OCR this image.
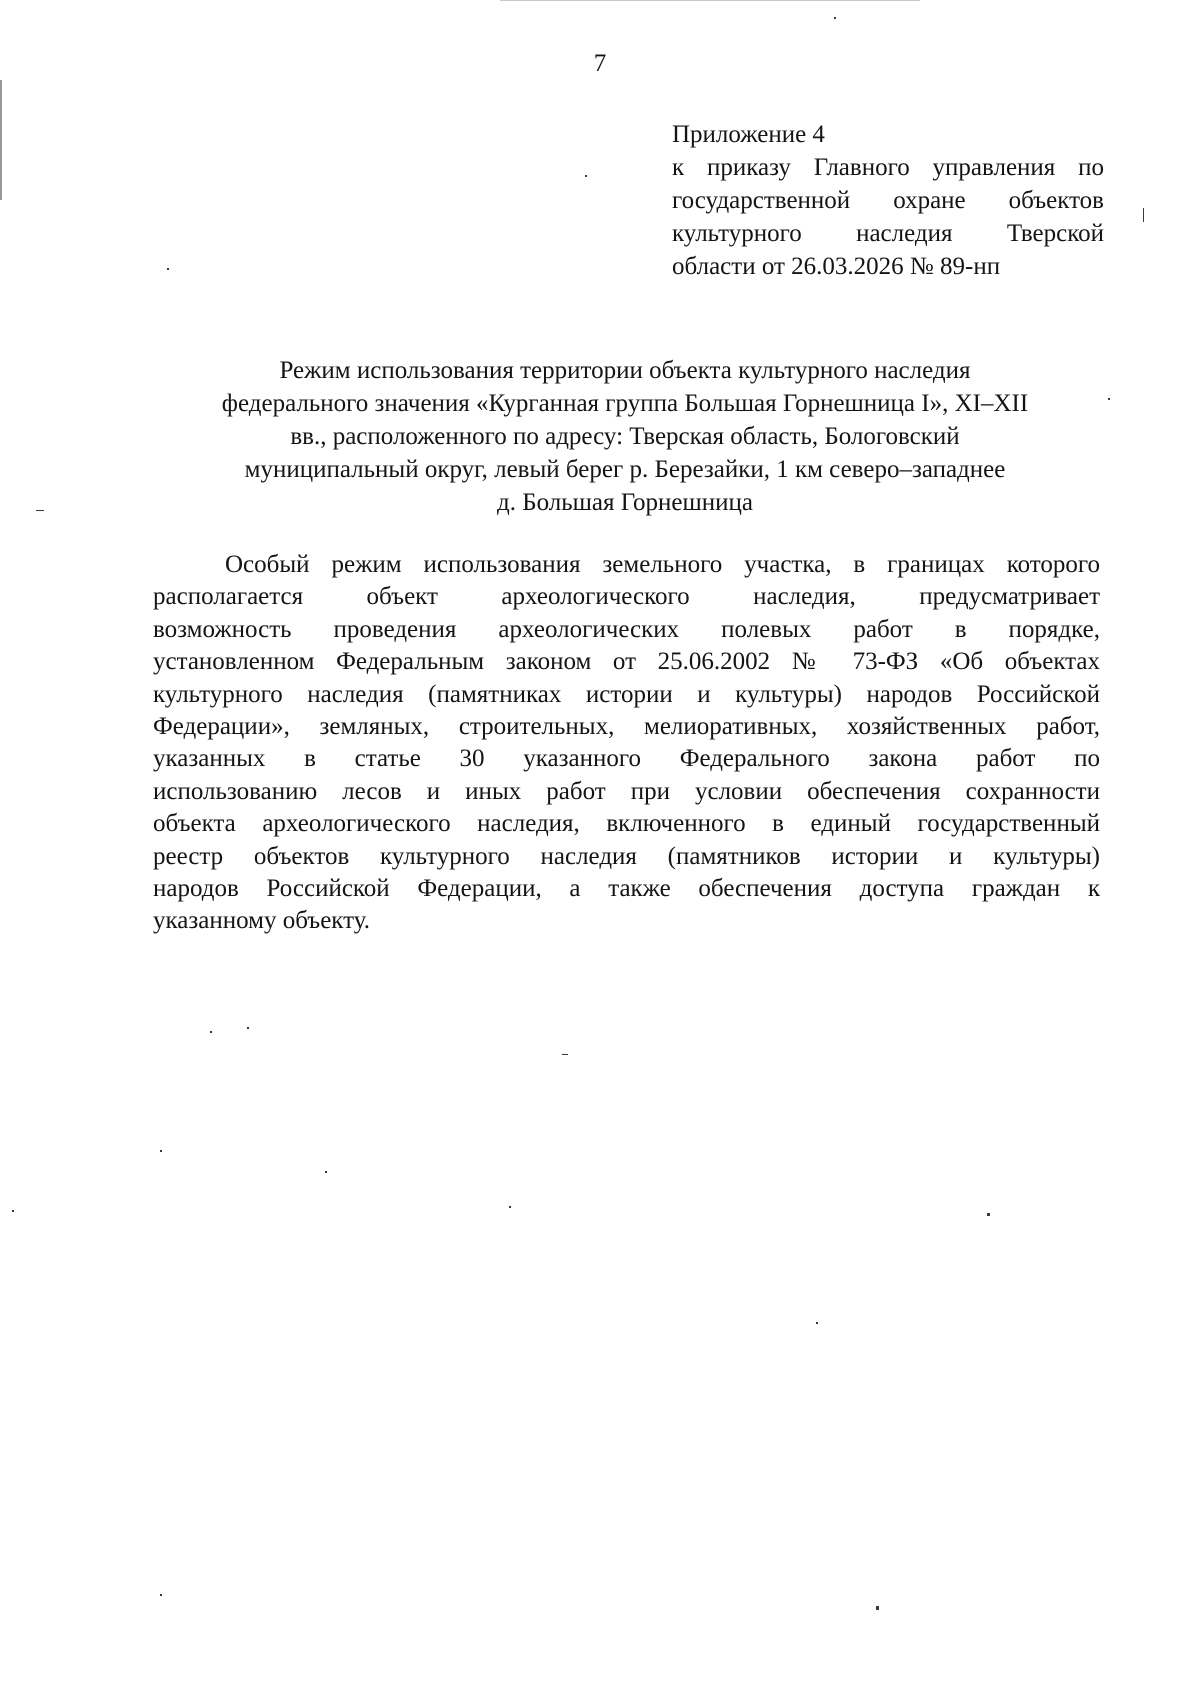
7
Приложение 4
к приказу Главного управления по
государственной охране объектов
культурного наследия Тверской
области от 26.03.2026 № 89-нп
Режим использования территории объекта культурного наследия
федерального значения «Курганная группа Большая Горнешница I», XI–XII
вв., расположенного по адресу: Тверская область, Бологовский
муниципальный округ, левый берег р. Березайки, 1 км северо–западнее
д. Большая Горнешница
Особый режим использования земельного участка, в границах которого
располагается объект археологического наследия, предусматривает
возможность проведения археологических полевых работ в порядке,
установленном Федеральным законом от 25.06.2002 № 73-ФЗ «Об объектах
культурного наследия (памятниках истории и культуры) народов Российской
Федерации», земляных, строительных, мелиоративных, хозяйственных работ,
указанных в статье 30 указанного Федерального закона работ по
использованию лесов и иных работ при условии обеспечения сохранности
объекта археологического наследия, включенного в единый государственный
реестр объектов культурного наследия (памятников истории и культуры)
народов Российской Федерации, а также обеспечения доступа граждан к
указанному объекту.
